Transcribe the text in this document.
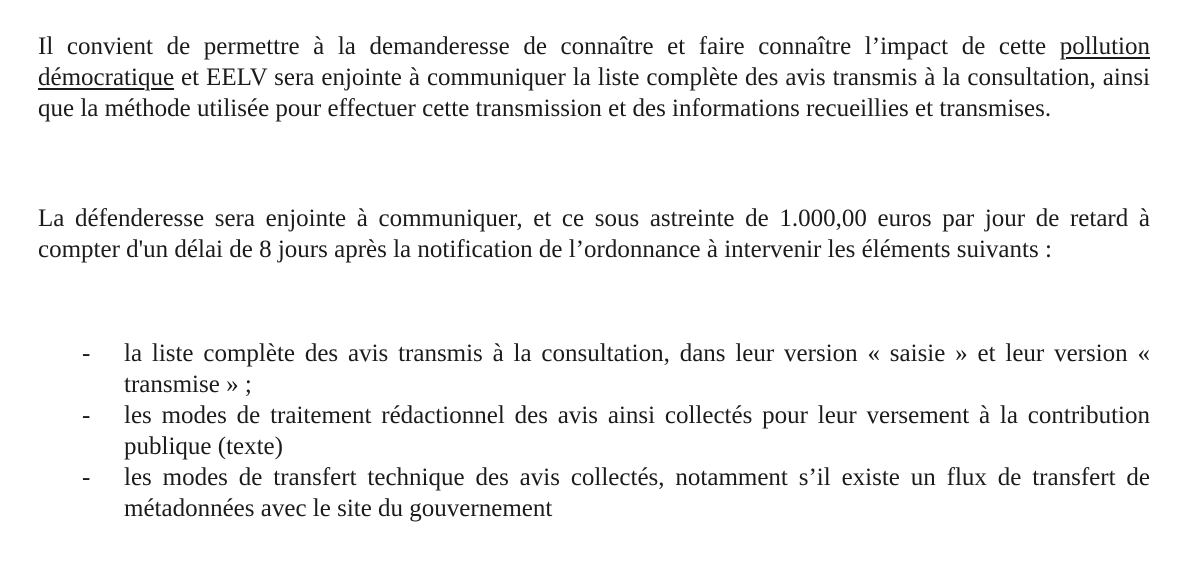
Il convient de permettre à la demanderesse de connaître et faire connaître l’impact de cette pollution démocratique et EELV sera enjointe à communiquer la liste complète des avis transmis à la consultation, ainsi que la méthode utilisée pour effectuer cette transmission et des informations recueillies et transmises.

La défenderesse sera enjointe à communiquer, et ce sous astreinte de 1.000,00 euros par jour de retard à compter d'un délai de 8 jours après la notification de l’ordonnance à intervenir les éléments suivants :

- la liste complète des avis transmis à la consultation, dans leur version « saisie » et leur version « transmise » ;
- les modes de traitement rédactionnel des avis ainsi collectés pour leur versement à la contribution publique (texte)
- les modes de transfert technique des avis collectés, notamment s’il existe un flux de transfert de métadonnées avec le site du gouvernement
